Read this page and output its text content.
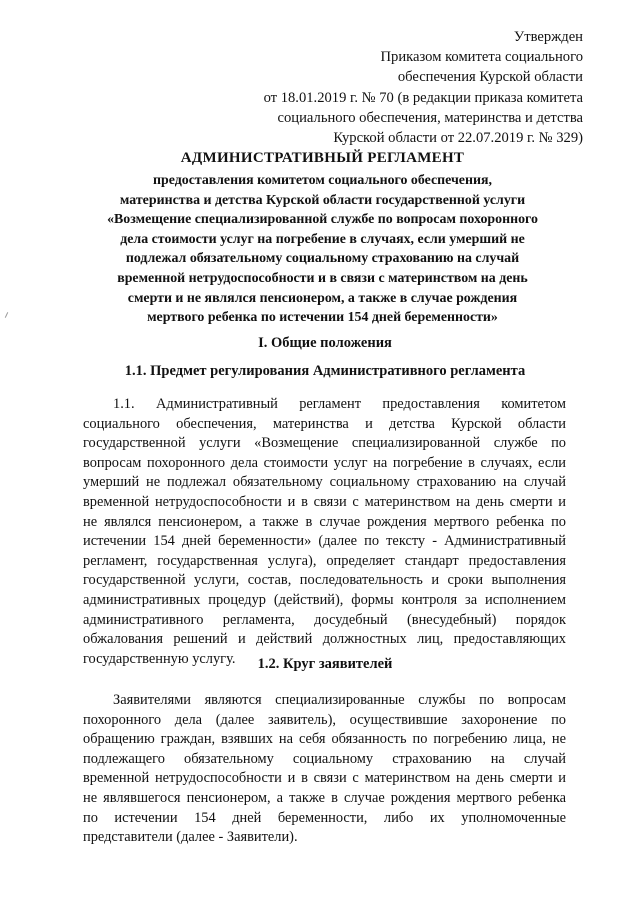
Утвержден
Приказом комитета социального
обеспечения Курской области
от 18.01.2019 г. № 70 (в редакции приказа комитета
социального обеспечения, материнства и детства
Курской области от 22.07.2019 г. № 329)
АДМИНИСТРАТИВНЫЙ РЕГЛАМЕНТ
предоставления комитетом социального обеспечения,
материнства и детства Курской области государственной услуги
«Возмещение специализированной службе по вопросам похоронного
дела стоимости услуг на погребение в случаях, если умерший не
подлежал обязательному социальному страхованию на случай
временной нетрудоспособности и в связи с материнством на день
смерти и не являлся пенсионером, а также в случае рождения
мертвого ребенка по истечении 154 дней беременности»
I. Общие положения
1.1. Предмет регулирования Административного регламента
1.1. Административный регламент предоставления комитетом
социального обеспечения, материнства и детства Курской области
государственной услуги «Возмещение специализированной службе по
вопросам похоронного дела стоимости услуг на погребение в случаях, если
умерший не подлежал обязательному социальному страхованию на случай
временной нетрудоспособности и в связи с материнством на день смерти и
не являлся пенсионером, а также в случае рождения мертвого ребенка по
истечении 154 дней беременности» (далее по тексту - Административный
регламент, государственная услуга), определяет стандарт предоставления
государственной услуги, состав, последовательность и сроки выполнения
административных процедур (действий), формы контроля за исполнением
административного регламента, досудебный (внесудебный) порядок
обжалования решений и действий должностных лиц, предоставляющих
государственную услугу.	1.2. Круг заявителей
Заявителями являются специализированные службы по вопросам
похоронного дела (далее заявитель), осуществившие захоронение по
обращению граждан, взявших на себя обязанность по погребению лица, не
подлежащего обязательному социальному страхованию на случай
временной нетрудоспособности и в связи с материнством на день смерти и
не являвшегося пенсионером, а также в случае рождения мертвого ребенка
по истечении 154 дней беременности, либо их уполномоченные
представители (далее - Заявители).
